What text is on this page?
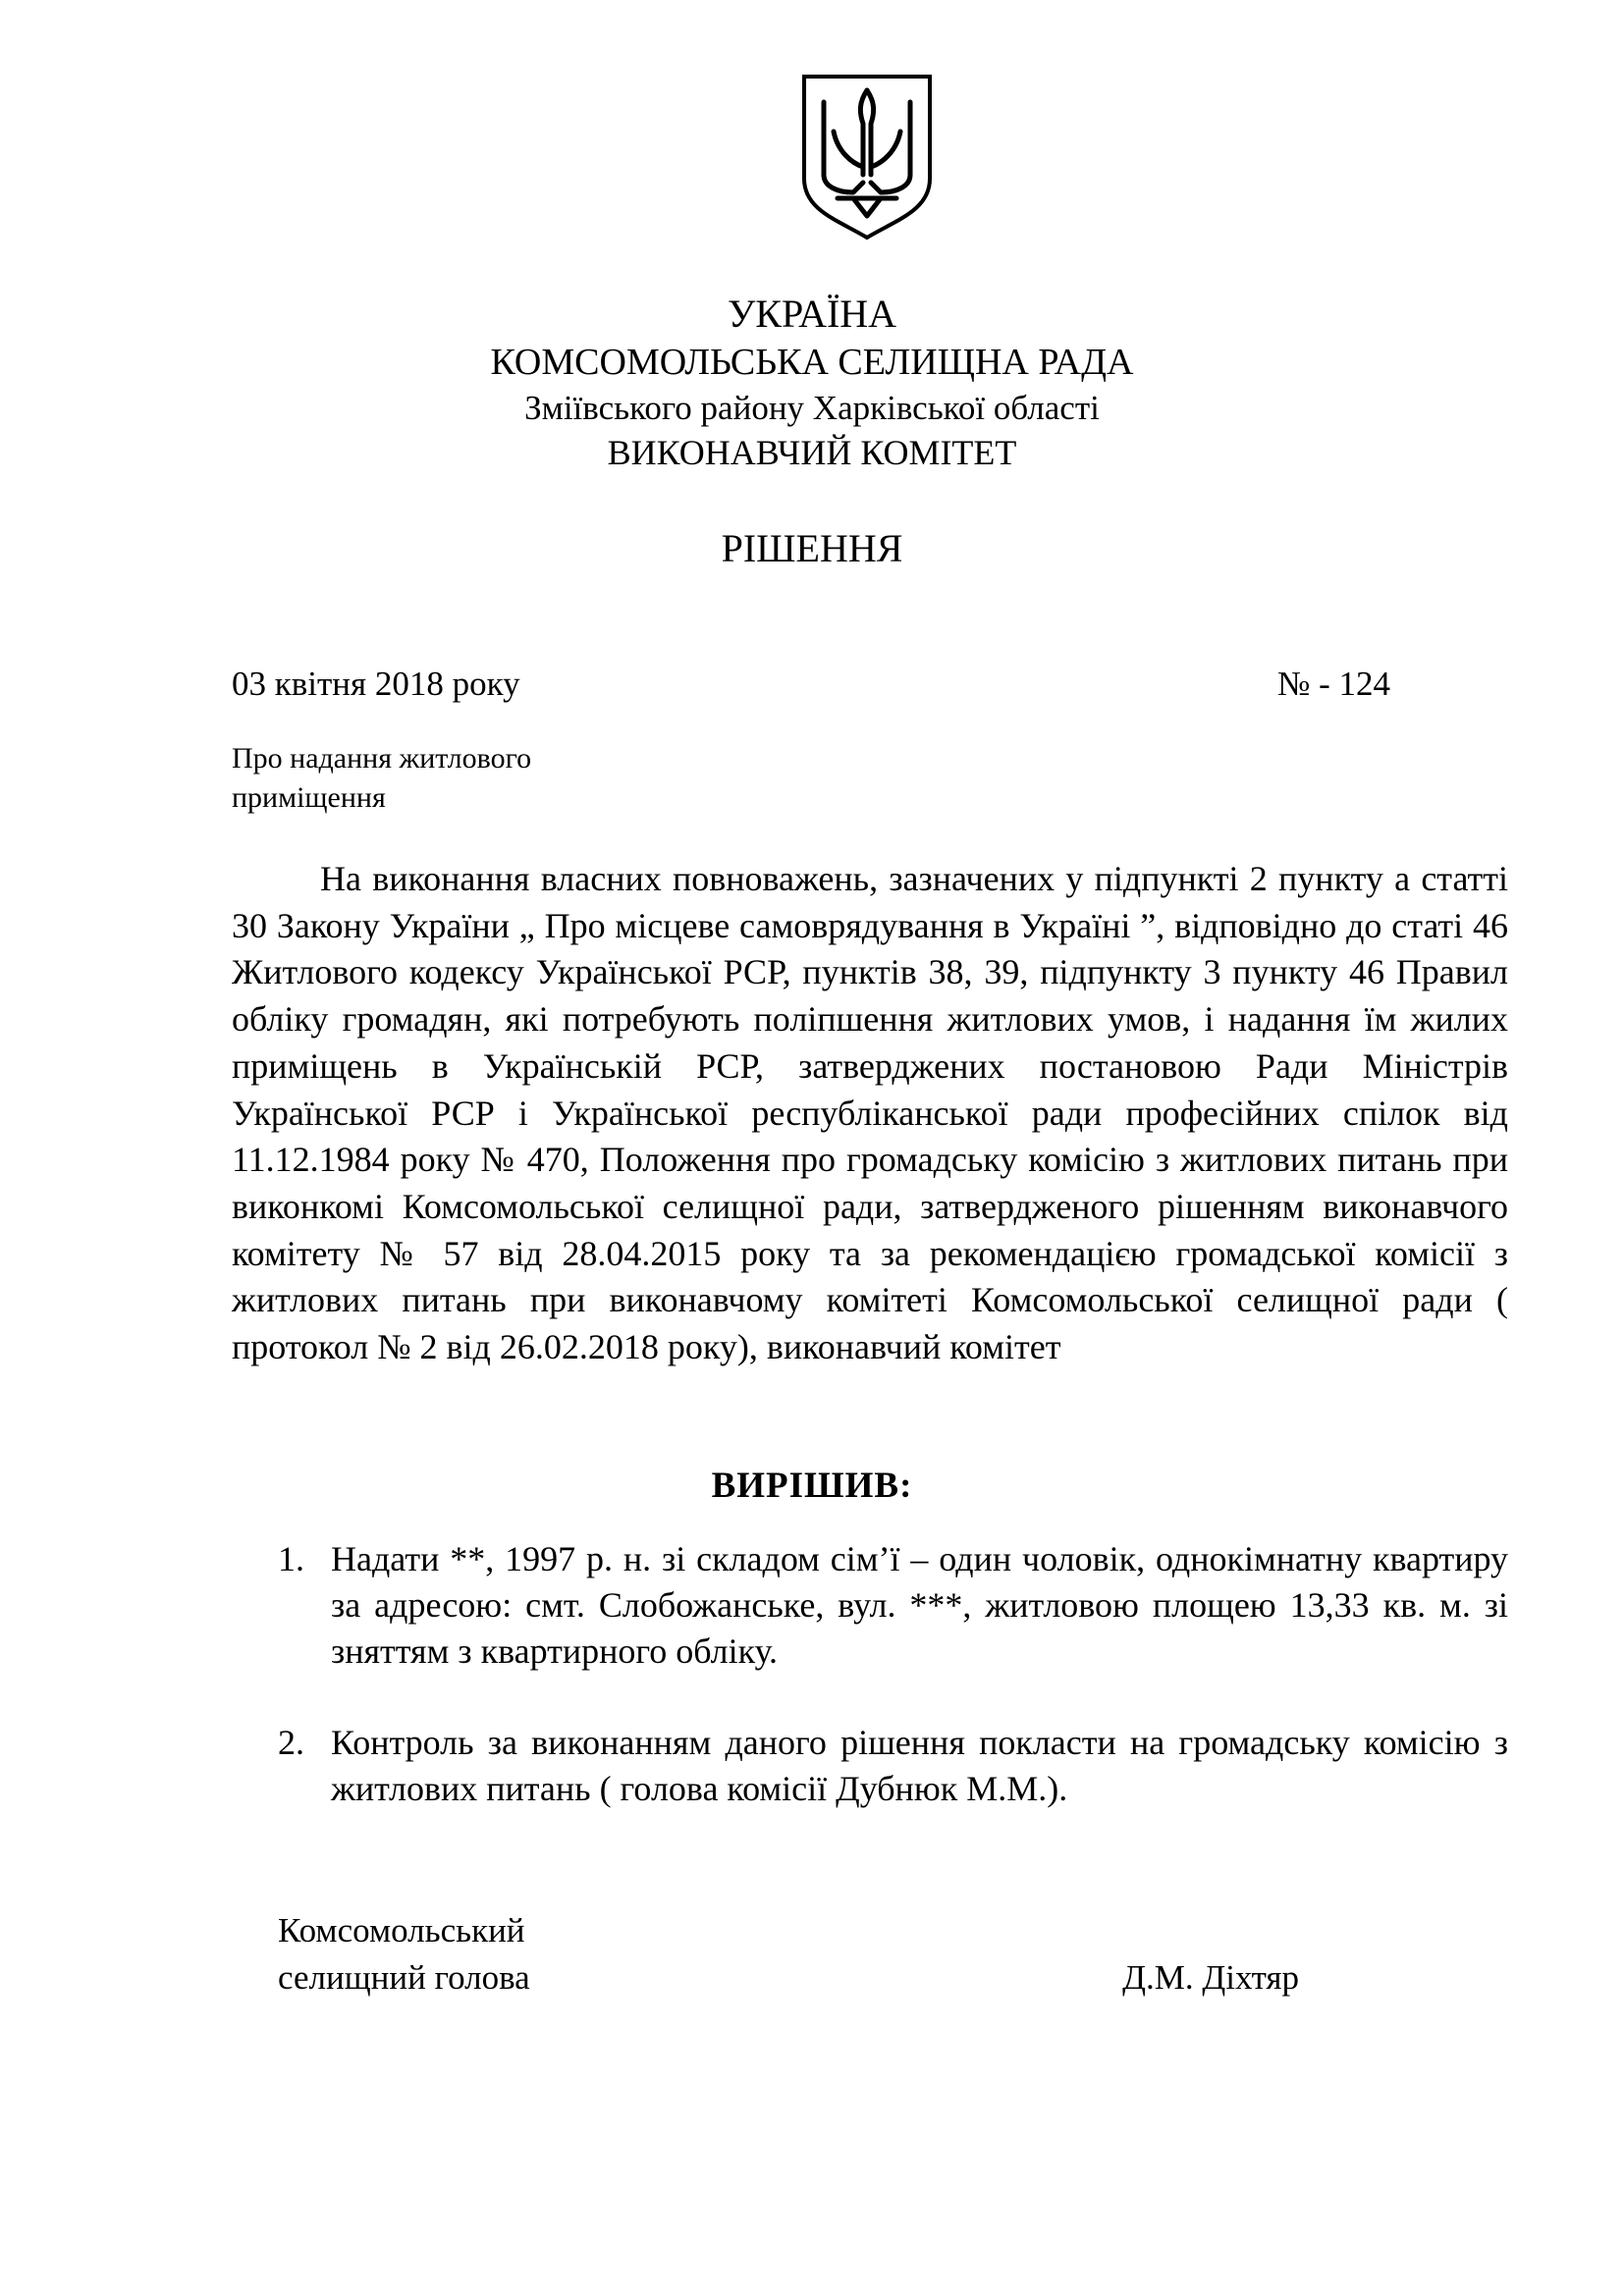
УКРАЇНА
КОМСОМОЛЬСЬКА СЕЛИЩНА РАДА
Зміївського району Харківської області
ВИКОНАВЧИЙ КОМІТЕТ
РІШЕННЯ
03 квітня 2018 року	№ - 124
Про надання житлового
приміщення

На виконання власних повноважень, зазначених у підпункті 2 пункту а статті 30 Закону України „ Про місцеве самоврядування в Україні ”, відповідно до статі 46 Житлового кодексу Української РСР, пунктів 38, 39, підпункту 3 пункту 46 Правил обліку громадян, які потребують поліпшення житлових умов, і надання їм жилих приміщень в Українській РСР, затверджених постановою Ради Міністрів Української РСР і Української республіканської ради професійних спілок від 11.12.1984 року № 470, Положення про громадську комісію з житлових питань при виконкомі Комсомольської селищної ради, затвердженого рішенням виконавчого комітету № 57 від 28.04.2015 року та за рекомендацією громадської комісії з житлових питань при виконавчому комітеті Комсомольської селищної ради ( протокол № 2 від 26.02.2018 року), виконавчий комітет

ВИРІШИВ:
1. Надати **, 1997 р. н. зі складом сім’ї – один чоловік, однокімнатну квартиру за адресою: смт. Слобожанське, вул. ***, житловою площею 13,33 кв. м. зі зняттям з квартирного обліку.
2. Контроль за виконанням даного рішення покласти на громадську комісію з житлових питань ( голова комісії Дубнюк М.М.).
Комсомольський
селищний голова	Д.М. Діхтяр
